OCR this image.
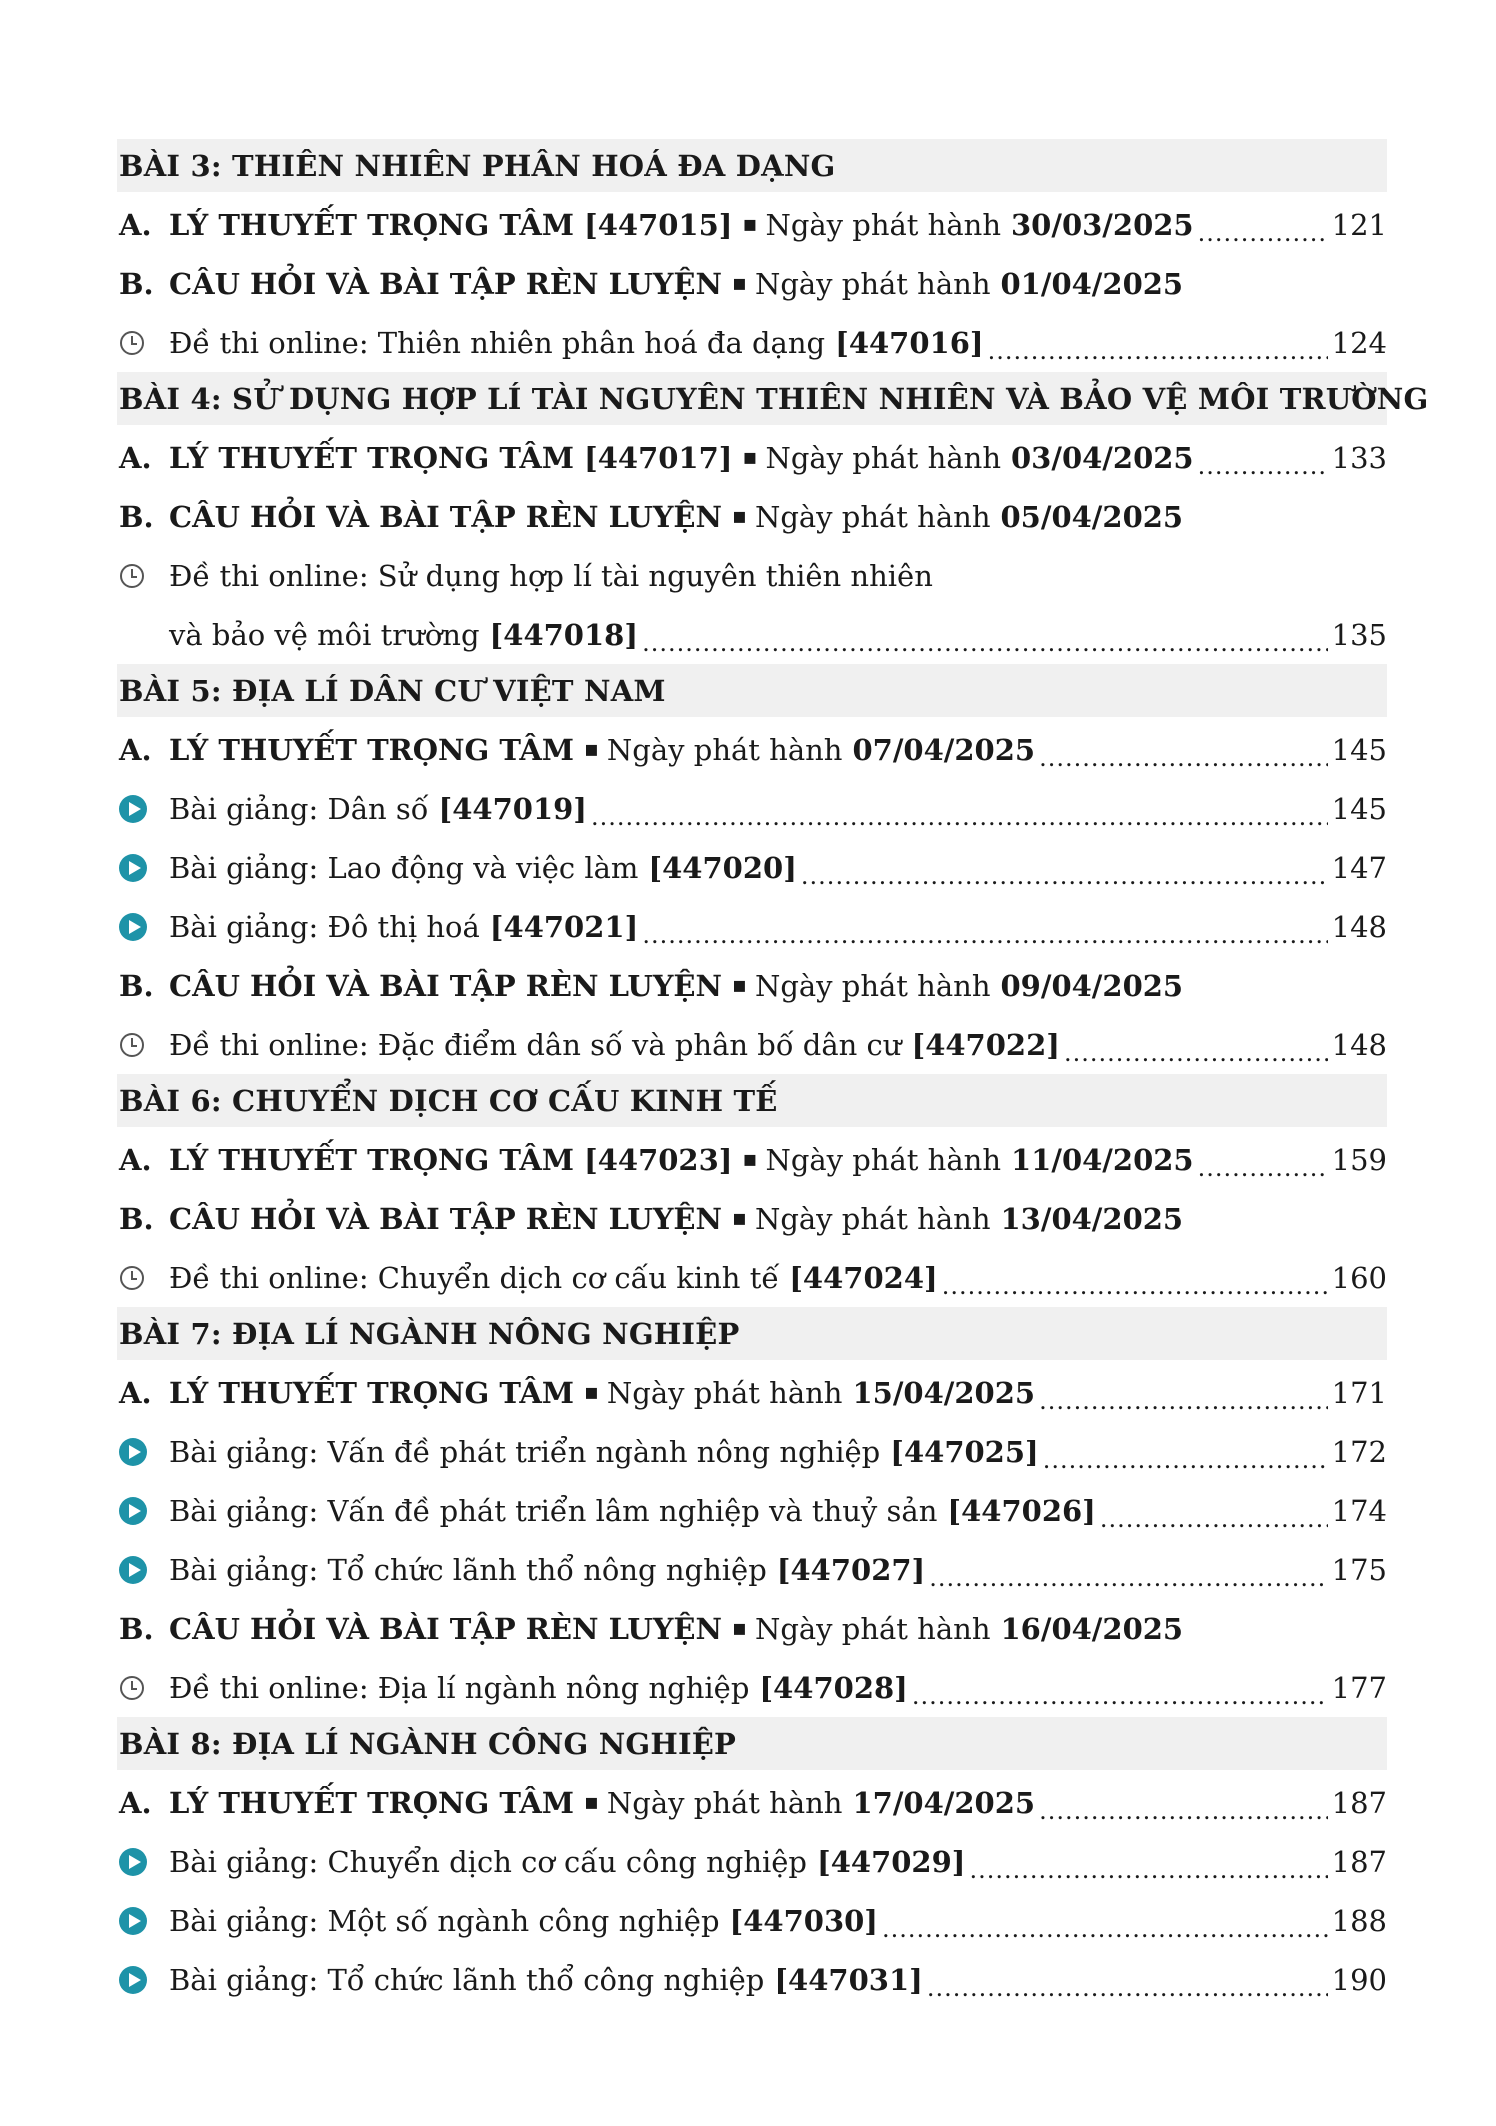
BÀI 3: THIÊN NHIÊN PHÂN HOÁ ĐA DẠNG
A. LÝ THUYẾT TRỌNG TÂM [447015] ▪ Ngày phát hành 30/03/2025 .....	121
B. CÂU HỎI VÀ BÀI TẬP RÈN LUYỆN ▪ Ngày phát hành 01/04/2025
Đề thi online: Thiên nhiên phân hoá đa dạng [447016] .....	124
BÀI 4: SỬ DỤNG HỢP LÍ TÀI NGUYÊN THIÊN NHIÊN VÀ BẢO VỆ MÔI TRƯỜNG
A. LÝ THUYẾT TRỌNG TÂM [447017] ▪ Ngày phát hành 03/04/2025 .....	133
B. CÂU HỎI VÀ BÀI TẬP RÈN LUYỆN ▪ Ngày phát hành 05/04/2025
Đề thi online: Sử dụng hợp lí tài nguyên thiên nhiên
và bảo vệ môi trường [447018] .....	135
BÀI 5: ĐỊA LÍ DÂN CƯ VIỆT NAM
A. LÝ THUYẾT TRỌNG TÂM ▪ Ngày phát hành 07/04/2025 .....	145
Bài giảng: Dân số [447019] .....	145
Bài giảng: Lao động và việc làm [447020] .....	147
Bài giảng: Đô thị hoá [447021] .....	148
B. CÂU HỎI VÀ BÀI TẬP RÈN LUYỆN ▪ Ngày phát hành 09/04/2025
Đề thi online: Đặc điểm dân số và phân bố dân cư [447022] .....	148
BÀI 6: CHUYỂN DỊCH CƠ CẤU KINH TẾ
A. LÝ THUYẾT TRỌNG TÂM [447023] ▪ Ngày phát hành 11/04/2025 .....	159
B. CÂU HỎI VÀ BÀI TẬP RÈN LUYỆN ▪ Ngày phát hành 13/04/2025
Đề thi online: Chuyển dịch cơ cấu kinh tế [447024] .....	160
BÀI 7: ĐỊA LÍ NGÀNH NÔNG NGHIỆP
A. LÝ THUYẾT TRỌNG TÂM ▪ Ngày phát hành 15/04/2025 .....	171
Bài giảng: Vấn đề phát triển ngành nông nghiệp [447025] .....	172
Bài giảng: Vấn đề phát triển lâm nghiệp và thuỷ sản [447026] .....	174
Bài giảng: Tổ chức lãnh thổ nông nghiệp [447027] .....	175
B. CÂU HỎI VÀ BÀI TẬP RÈN LUYỆN ▪ Ngày phát hành 16/04/2025
Đề thi online: Địa lí ngành nông nghiệp [447028] .....	177
BÀI 8: ĐỊA LÍ NGÀNH CÔNG NGHIỆP
A. LÝ THUYẾT TRỌNG TÂM ▪ Ngày phát hành 17/04/2025 .....	187
Bài giảng: Chuyển dịch cơ cấu công nghiệp [447029] .....	187
Bài giảng: Một số ngành công nghiệp [447030] .....	188
Bài giảng: Tổ chức lãnh thổ công nghiệp [447031] .....	190
